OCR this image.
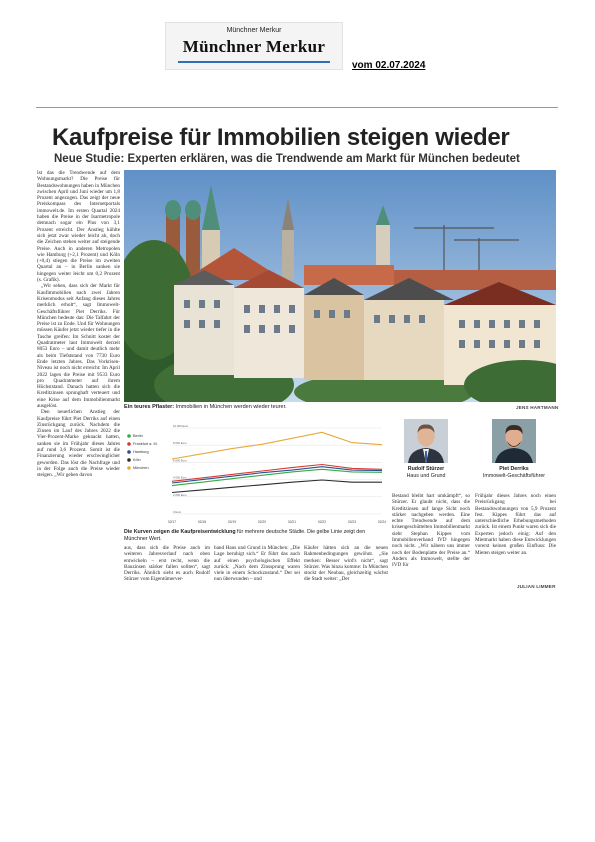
Münchner Merkur
Münchner Merkur
vom 02.07.2024
Kaufpreise für Immobilien steigen wieder
Neue Studie: Experten erklären, was die Trendwende am Markt für München bedeutet

Ist das die Trendwende auf dem Wohnungsmarkt? Die Preise für Bestandswohnungen haben in München zwischen April und Juni wieder um 1,8 Prozent angezogen. Das zeigt der neue Preiskompass des Internetportals immowelt.de. Im ersten Quartal 2024 haben die Preise in der Isarmetropole demnach sogar ein Plus von 3,1 Prozent erreicht. Der Anstieg kühlte sich jetzt zwar wieder leicht ab, doch die Zeichen stehen weiter auf steigende Preise. Auch in anderen Metropolen wie Hamburg (+2,1 Prozent) und Köln (+0,4) stiegen die Preise im zweiten Quartal an – in Berlin sanken sie hingegen weiter leicht um 0,2 Prozent (s. Grafik).

„Wir sehen, dass sich der Markt für Kaufimmobilien nach zwei Jahren Krisenmodus seit Anfang dieses Jahres merklich erholt“, sagt Immowelt-Geschäftsführer Piet Derriks. Für München bedeute das: Die Talfahrt der Preise ist zu Ende. Und für Wohnungen müssen Käufer jetzt wieder tiefer in die Tasche greifen: Im Schnitt kostet der Quadratmeter laut Immowelt derzeit 8053 Euro – und damit deutlich mehr als beim Tiefststand von 7730 Euro Ende letzten Jahres. Das Vorkrisen-Niveau ist noch nicht erreicht: Im April 2022 lagen die Preise mit 9533 Euro pro Quadratmeter auf ihrem Höchststand. Danach hatten sich die Kreditzinsen sprunghaft verteuert und eine Krise auf dem Immobilienmarkt ausgelöst.

Den neuerlichen Anstieg der Kaufpreise führt Piet Derriks auf einen Zinsrückgang zurück. Nachdem die Zinsen im Lauf des Jahres 2022 die Vier-Prozent-Marke geknackt hatten, sanken sie im Frühjahr dieses Jahres auf rund 3,6 Prozent. Somit ist die Finanzierung wieder erschwinglicher geworden. Das löst die Nachfrage und in der Folge auch die Preise wieder steigen. „Wir gehen davon

Ein teures Pflaster: Immobilien in München werden wieder teurer.	JENS HARTMANN
10.000 Euro
8.000 Euro
6.000 Euro
4.000 Euro
2.000 Euro
0 Euro
02/17	02/18	02/19	02/20	02/21	02/22	02/23	02/24
Berlin
Frankfurt a. M.
Hamburg
Köln
München
Die Kurven zeigen die Kaufpreisentwicklung für mehrere deutsche Städte. Die gelbe Linie zeigt den Münchner Wert.
Rudolf Stürzer
Haus und Grund
Piet Derriks
Immowelt-Geschäftsführer

aus, dass sich die Preise auch im weiteren Jahresverlauf nach oben entwickeln – erst recht, wenn die Bauzinsen stärker fallen sollten“, sagt Derriks. Ähnlich sieht es auch Rudolf Stürzer vom Eigentümerver-

band Haus und Grund in München: „Die Lage beruhigt sich.“ Er führt das auch auf einen psychologischen Effekt zurück: „Nach dem Zinssprung waren viele in einem Schockzustand.“ Der sei nun überwunden – und

Käufer hätten sich an die neuen Rahmenbedingungen gewöhnt. „Sie merken: Besser wird's nicht“, sagt Stürzer. Was hinzu komme: In München stockt der Neubau, gleichzeitig wächst die Stadt weiter: „Der

Bestand bleibt hart umkämpft“, so Stürzer. Er glaubt nicht, dass die Kreditzinsen auf lange Sicht noch stärker nachgeben werden. Eine echte Trendwende auf dem krisengeschüttelten Immobilienmarkt sieht Stephan Kippes vom Immobilienverband IVD hingegen noch nicht. „Wir nähern uns immer noch der Bodenplatte der Preise an.“ Anders als Immowelt, stellte der IVD für

Frühjahr dieses Jahres noch einen Preisrückgang bei Bestandswohnungen von 5,9 Prozent fest. Kippes führt das auf unterschiedliche Erhebungsmethoden zurück. Ist einem Punkt waren sich die Experten jedoch einig: Auf den Mietmarkt haben diese Entwicklungen vorerst keinen großen Einfluss: Die Mieten steigen weiter an.

JULIAN LIMMER
